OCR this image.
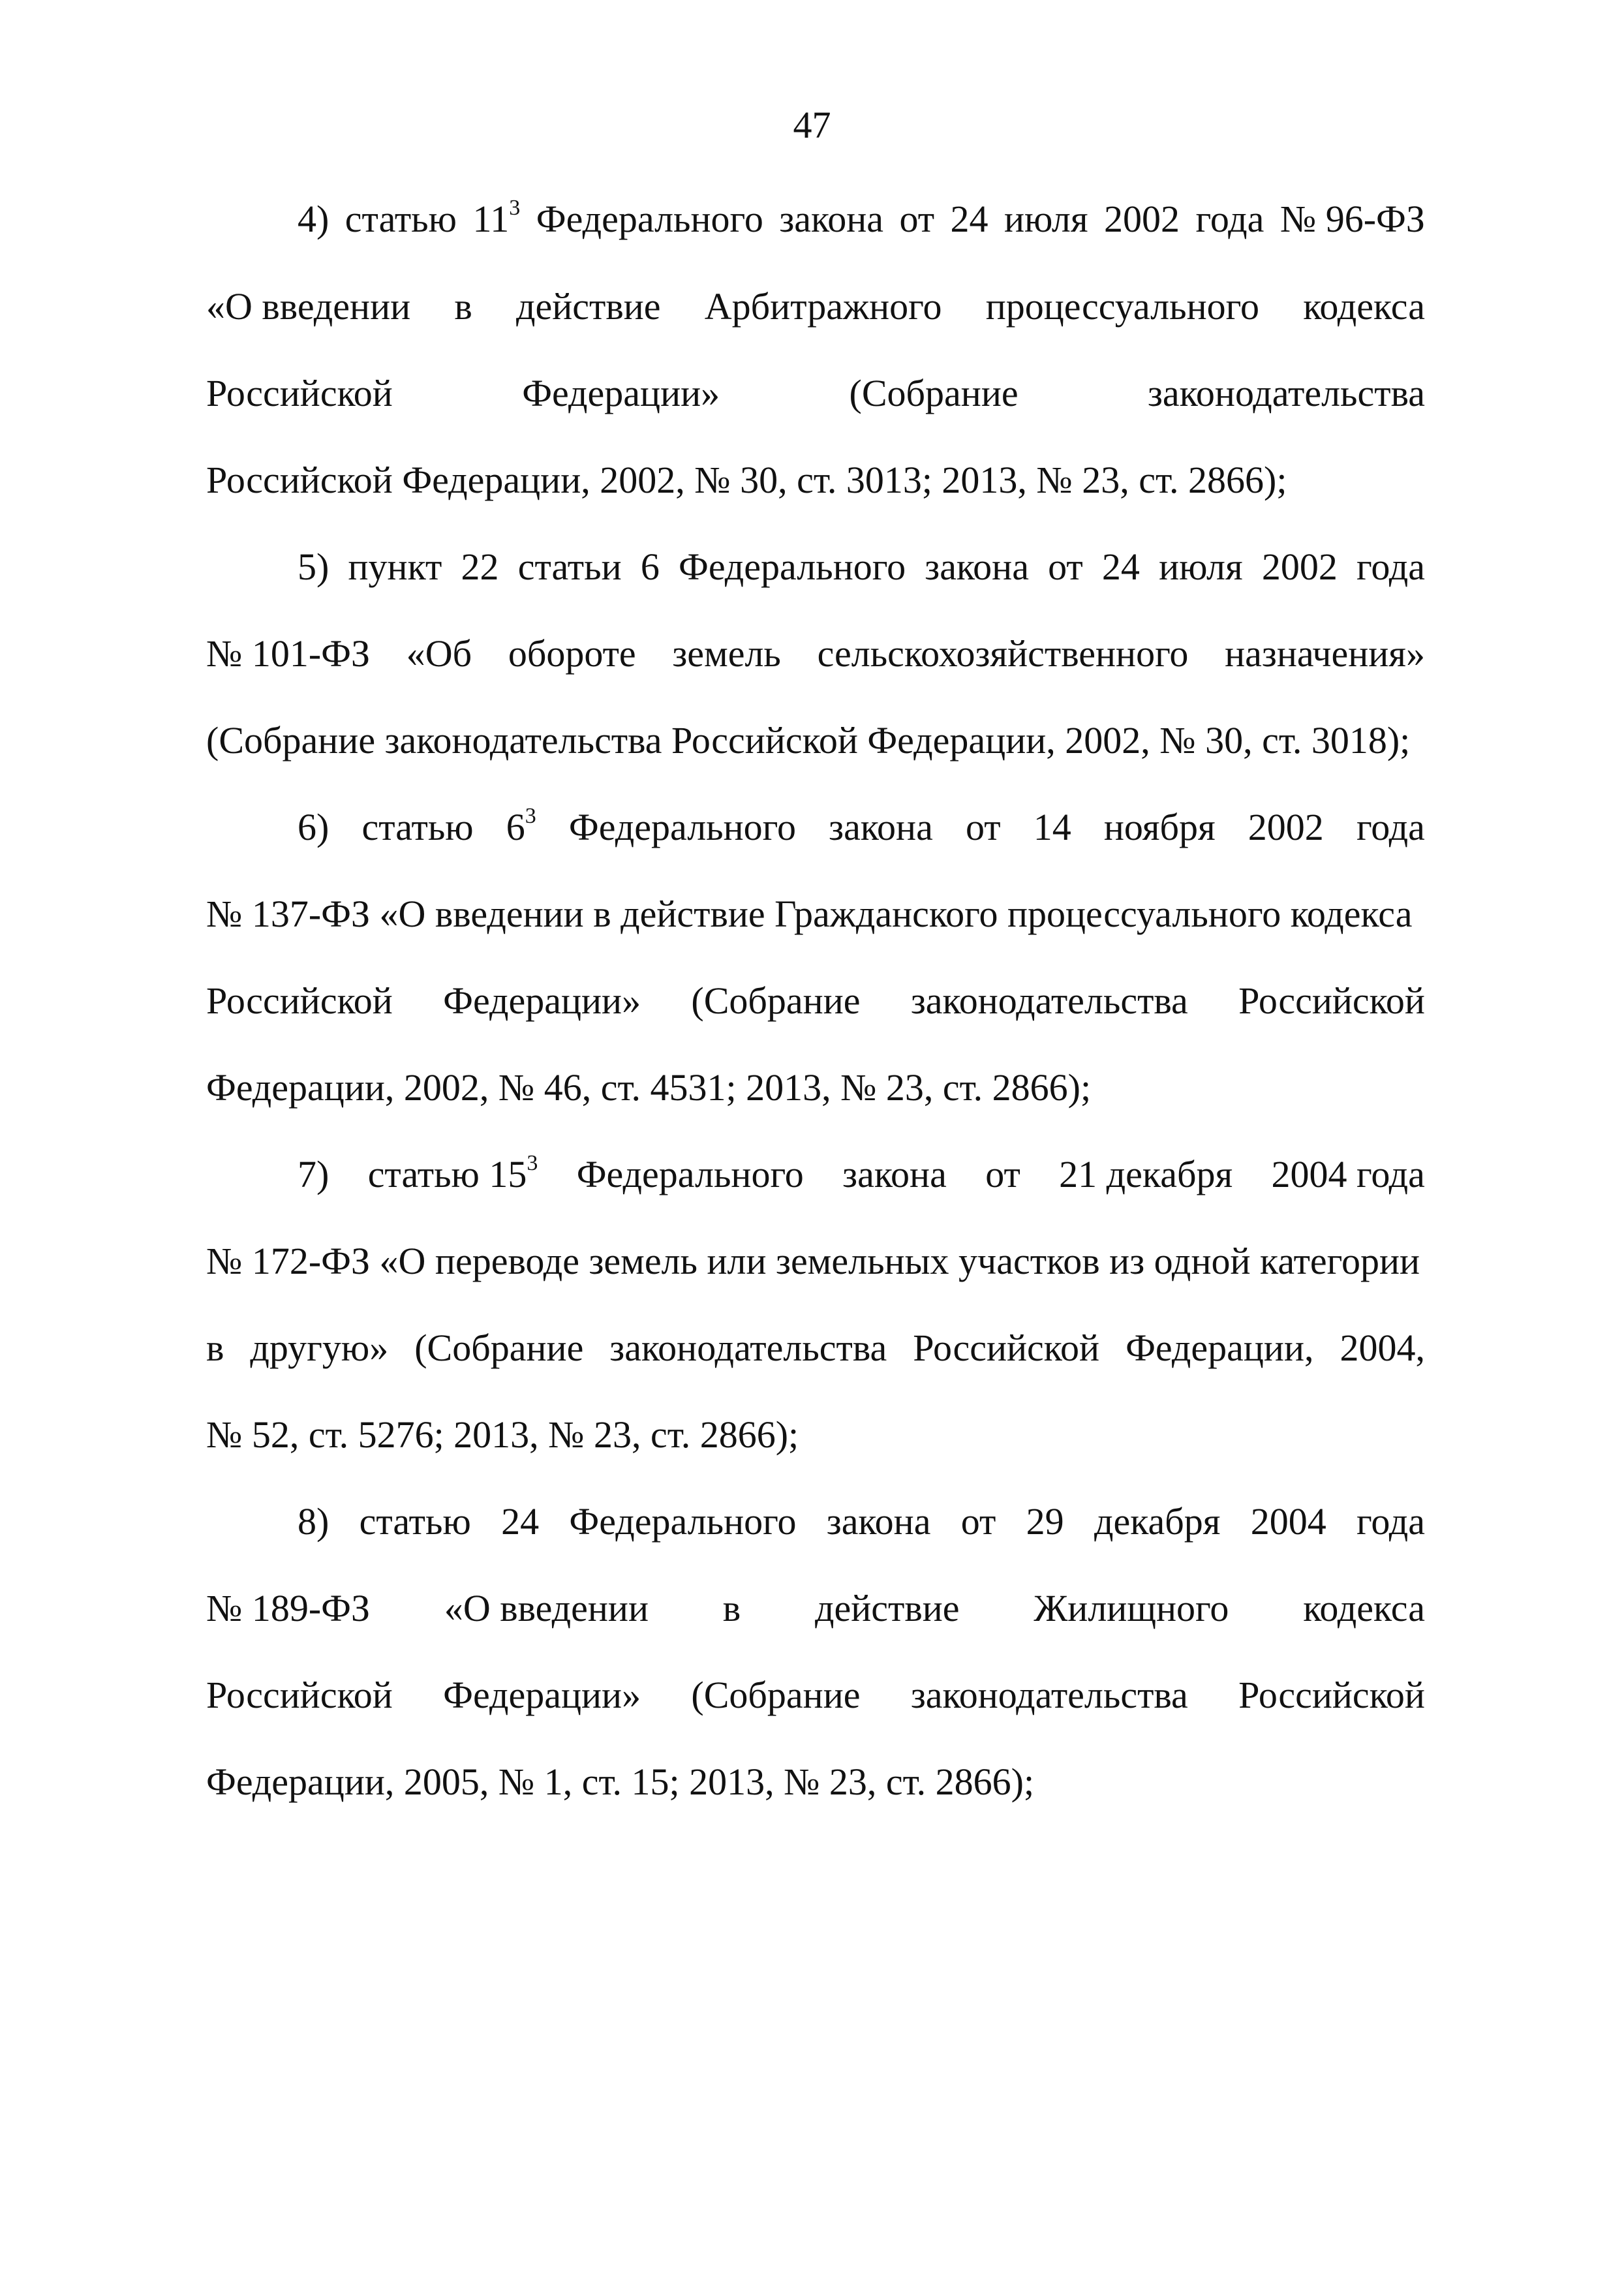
47
4) статью $11^3$ Федерального закона от 24 июля 2002 года № 96-ФЗ
«О введении в действие Арбитражного процессуального кодекса
Российской	Федерации»	(Собрание	законодательства
Российской Федерации, 2002, № 30, ст. 3013; 2013, № 23, ст. 2866);
5) пункт 22 статьи 6 Федерального закона от 24 июля 2002 года
№ 101-ФЗ «Об обороте земель сельскохозяйственного назначения»
(Собрание законодательства Российской Федерации, 2002, № 30, ст. 3018);
6) статью $6^3$ Федерального закона от 14 ноября 2002 года
№ 137-ФЗ «О введении в действие Гражданского процессуального кодекса
Российской Федерации» (Собрание законодательства Российской
Федерации, 2002, № 46, ст. 4531; 2013, № 23, ст. 2866);
7) статью $15^3$ Федерального закона от 21 декабря 2004 года
№ 172-ФЗ «О переводе земель или земельных участков из одной категории
в другую» (Собрание законодательства Российской Федерации, 2004,
№ 52, ст. 5276; 2013, № 23, ст. 2866);
8) статью 24 Федерального закона от 29 декабря 2004 года
№ 189-ФЗ «О введении в действие Жилищного кодекса
Российской Федерации» (Собрание законодательства Российской
Федерации, 2005, № 1, ст. 15; 2013, № 23, ст. 2866);
